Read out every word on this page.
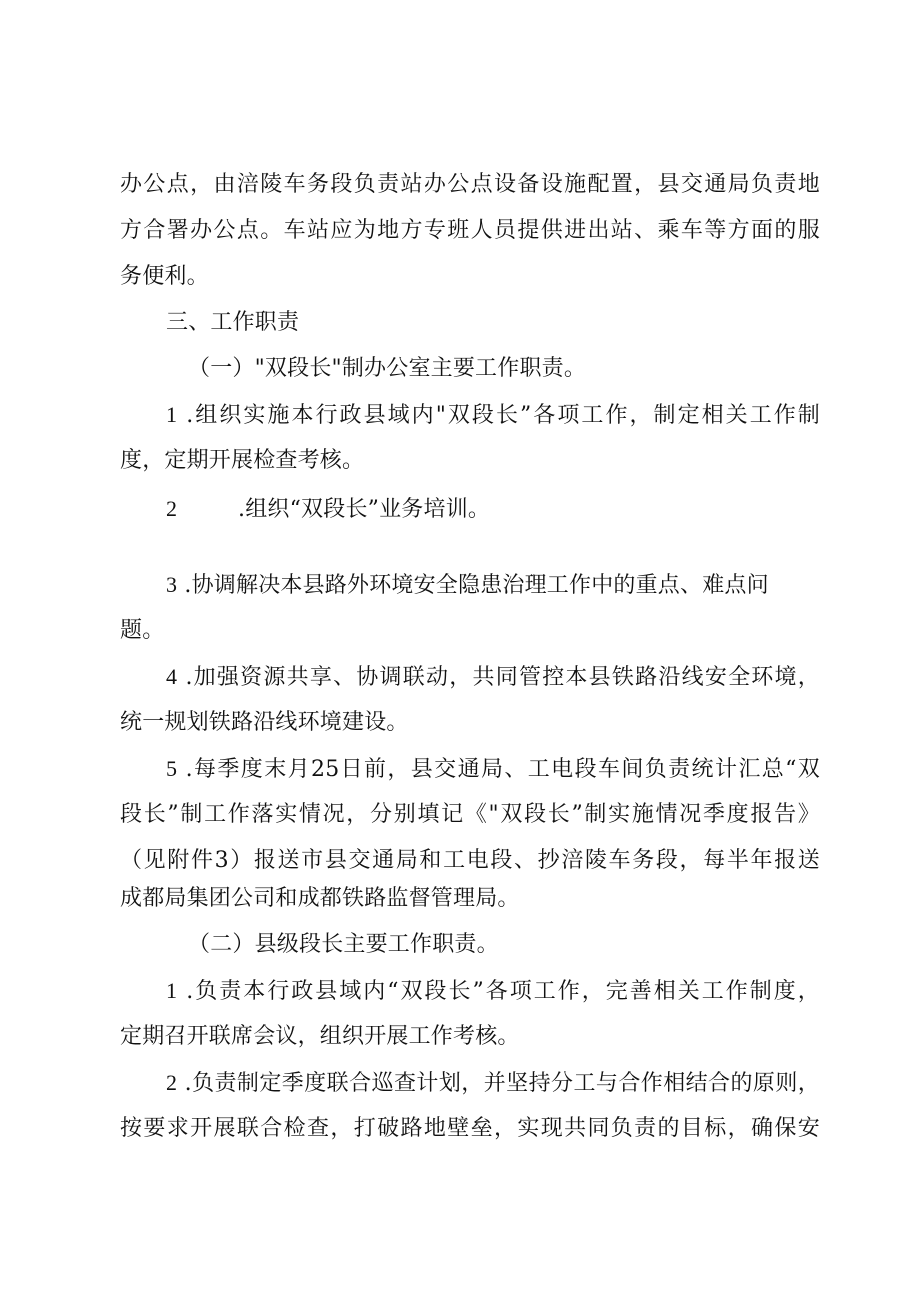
办公点，由涪陵车务段负责站办公点设备设施配置，县交通局负责地
方合署办公点。车站应为地方专班人员提供进出站、乘车等方面的服
务便利。
三、工作职责
（一）"双段长"制办公室主要工作职责。
1 .组织实施本行政县域内"双段长”各项工作，制定相关工作制
度，定期开展检查考核。
2	.组织“双段长”业务培训。
3 .协调解决本县路外环境安全隐患治理工作中的重点、难点问
题。
4 .加强资源共享、协调联动，共同管控本县铁路沿线安全环境，
统一规划铁路沿线环境建设。
5 .每季度末月25日前，县交通局、工电段车间负责统计汇总“双
段长”制工作落实情况，分别填记《"双段长”制实施情况季度报告》
（见附件3）报送市县交通局和工电段、抄涪陵车务段，每半年报送
成都局集团公司和成都铁路监督管理局。
（二）县级段长主要工作职责。
1 .负责本行政县域内“双段长”各项工作，完善相关工作制度，
定期召开联席会议，组织开展工作考核。
2 .负责制定季度联合巡查计划，并坚持分工与合作相结合的原则，
按要求开展联合检查，打破路地壁垒，实现共同负责的目标，确保安
